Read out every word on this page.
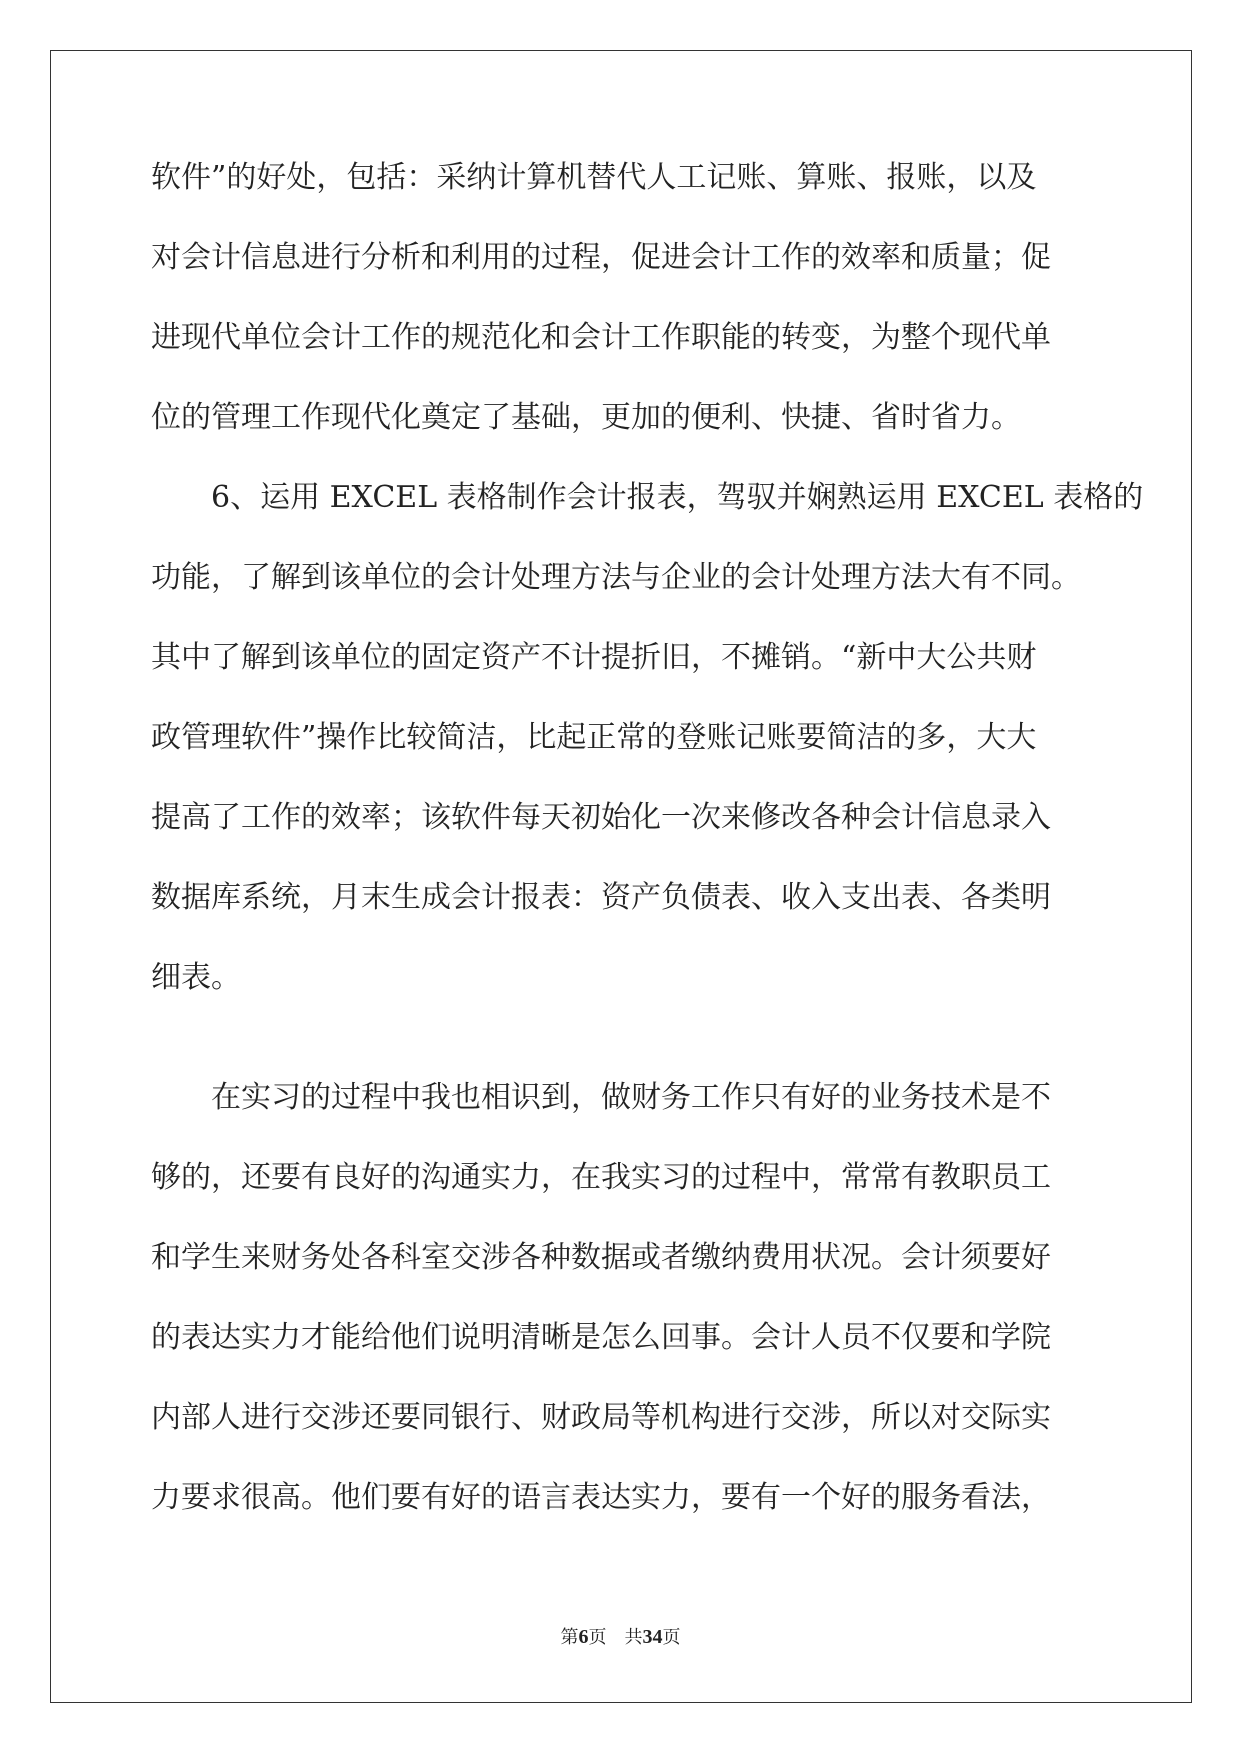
软件”的好处，包括：采纳计算机替代人工记账、算账、报账，以及
对会计信息进行分析和利用的过程，促进会计工作的效率和质量；促
进现代单位会计工作的规范化和会计工作职能的转变，为整个现代单
位的管理工作现代化奠定了基础，更加的便利、快捷、省时省力。
6、运用 EXCEL 表格制作会计报表，驾驭并娴熟运用 EXCEL 表格的
功能，了解到该单位的会计处理方法与企业的会计处理方法大有不同。
其中了解到该单位的固定资产不计提折旧，不摊销。“新中大公共财
政管理软件”操作比较简洁，比起正常的登账记账要简洁的多，大大
提高了工作的效率；该软件每天初始化一次来修改各种会计信息录入
数据库系统，月末生成会计报表：资产负债表、收入支出表、各类明
细表。
在实习的过程中我也相识到，做财务工作只有好的业务技术是不
够的，还要有良好的沟通实力，在我实习的过程中，常常有教职员工
和学生来财务处各科室交涉各种数据或者缴纳费用状况。会计须要好
的表达实力才能给他们说明清晰是怎么回事。会计人员不仅要和学院
内部人进行交涉还要同银行、财政局等机构进行交涉，所以对交际实
力要求很高。他们要有好的语言表达实力，要有一个好的服务看法，
第6页　共34页
